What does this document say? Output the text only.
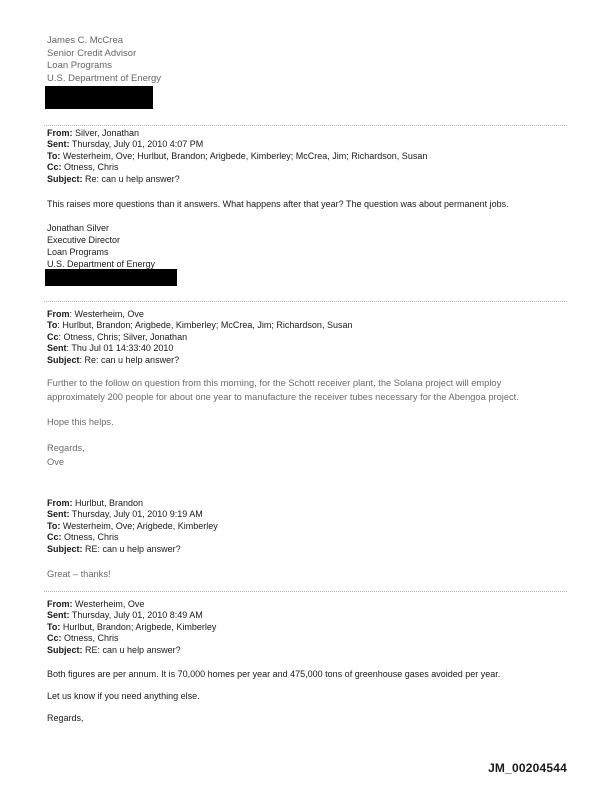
James C. McCrea
Senior Credit Advisor
Loan Programs
U.S. Department of Energy
From: Silver, Jonathan
Sent: Thursday, July 01, 2010 4:07 PM
To: Westerheim, Ove; Hurlbut, Brandon; Arigbede, Kimberley; McCrea, Jim; Richardson, Susan
Cc: Otness, Chris
Subject: Re: can u help answer?
This raises more questions than it answers. What happens after that year? The question was about permanent jobs.
Jonathan Silver
Executive Director
Loan Programs
U.S. Department of Energy
From: Westerheim, Ove
To: Hurlbut, Brandon; Arigbede, Kimberley; McCrea, Jim; Richardson, Susan
Cc: Otness, Chris; Silver, Jonathan
Sent: Thu Jul 01 14:33:40 2010
Subject: Re: can u help answer?
Further to the follow on question from this morning, for the Schott receiver plant, the Solana project will employ
approximately 200 people for about one year to manufacture the receiver tubes necessary for the Abengoa project.
Hope this helps.
Regards,
Ove
From: Hurlbut, Brandon
Sent: Thursday, July 01, 2010 9:19 AM
To: Westerheim, Ove; Arigbede, Kimberley
Cc: Otness, Chris
Subject: RE: can u help answer?
Great – thanks!
From: Westerheim, Ove
Sent: Thursday, July 01, 2010 8:49 AM
To: Hurlbut, Brandon; Arigbede, Kimberley
Cc: Otness, Chris
Subject: RE: can u help answer?
Both figures are per annum. It is 70,000 homes per year and 475,000 tons of greenhouse gases avoided per year.
Let us know if you need anything else.
Regards,
JM_00204544
